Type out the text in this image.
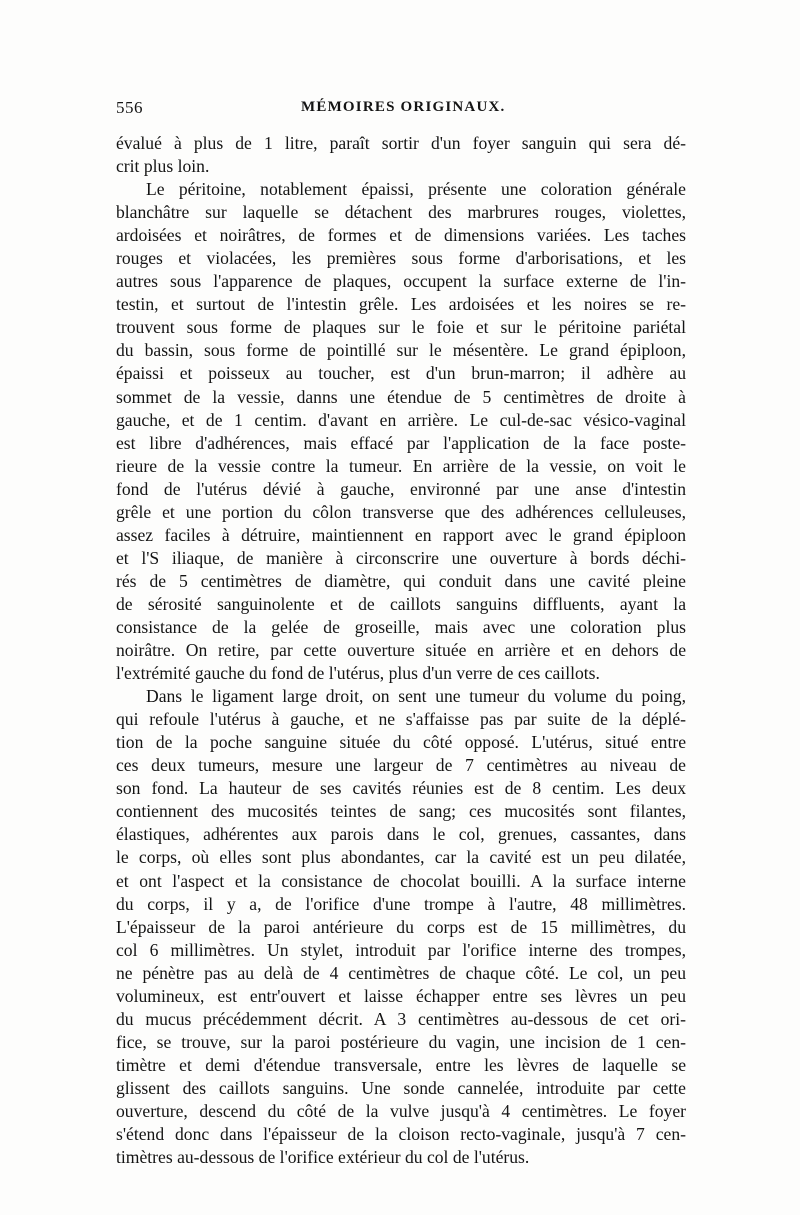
556	MÉMOIRES ORIGINAUX.
évalué à plus de 1 litre, paraît sortir d'un foyer sanguin qui sera dé-
crit plus loin.
Le péritoine, notablement épaissi, présente une coloration générale
blanchâtre sur laquelle se détachent des marbrures rouges, violettes,
ardoisées et noirâtres, de formes et de dimensions variées. Les taches
rouges et violacées, les premières sous forme d'arborisations, et les
autres sous l'apparence de plaques, occupent la surface externe de l'in-
testin, et surtout de l'intestin grêle. Les ardoisées et les noires se re-
trouvent sous forme de plaques sur le foie et sur le péritoine pariétal
du bassin, sous forme de pointillé sur le mésentère. Le grand épiploon,
épaissi et poisseux au toucher, est d'un brun-marron; il adhère au
sommet de la vessie, danns une étendue de 5 centimètres de droite à
gauche, et de 1 centim. d'avant en arrière. Le cul-de-sac vésico-vaginal
est libre d'adhérences, mais effacé par l'application de la face poste-
rieure de la vessie contre la tumeur. En arrière de la vessie, on voit le
fond de l'utérus dévié à gauche, environné par une anse d'intestin
grêle et une portion du côlon transverse que des adhérences celluleuses,
assez faciles à détruire, maintiennent en rapport avec le grand épiploon
et l'S iliaque, de manière à circonscrire une ouverture à bords déchi-
rés de 5 centimètres de diamètre, qui conduit dans une cavité pleine
de sérosité sanguinolente et de caillots sanguins diffluents, ayant la
consistance de la gelée de groseille, mais avec une coloration plus
noirâtre. On retire, par cette ouverture située en arrière et en dehors de
l'extrémité gauche du fond de l'utérus, plus d'un verre de ces caillots.
Dans le ligament large droit, on sent une tumeur du volume du poing,
qui refoule l'utérus à gauche, et ne s'affaisse pas par suite de la déplé-
tion de la poche sanguine située du côté opposé. L'utérus, situé entre
ces deux tumeurs, mesure une largeur de 7 centimètres au niveau de
son fond. La hauteur de ses cavités réunies est de 8 centim. Les deux
contiennent des mucosités teintes de sang; ces mucosités sont filantes,
élastiques, adhérentes aux parois dans le col, grenues, cassantes, dans
le corps, où elles sont plus abondantes, car la cavité est un peu dilatée,
et ont l'aspect et la consistance de chocolat bouilli. A la surface interne
du corps, il y a, de l'orifice d'une trompe à l'autre, 48 millimètres.
L'épaisseur de la paroi antérieure du corps est de 15 millimètres, du
col 6 millimètres. Un stylet, introduit par l'orifice interne des trompes,
ne pénètre pas au delà de 4 centimètres de chaque côté. Le col, un peu
volumineux, est entr'ouvert et laisse échapper entre ses lèvres un peu
du mucus précédemment décrit. A 3 centimètres au-dessous de cet ori-
fice, se trouve, sur la paroi postérieure du vagin, une incision de 1 cen-
timètre et demi d'étendue transversale, entre les lèvres de laquelle se
glissent des caillots sanguins. Une sonde cannelée, introduite par cette
ouverture, descend du côté de la vulve jusqu'à 4 centimètres. Le foyer
s'étend donc dans l'épaisseur de la cloison recto-vaginale, jusqu'à 7 cen-
timètres au-dessous de l'orifice extérieur du col de l'utérus.
